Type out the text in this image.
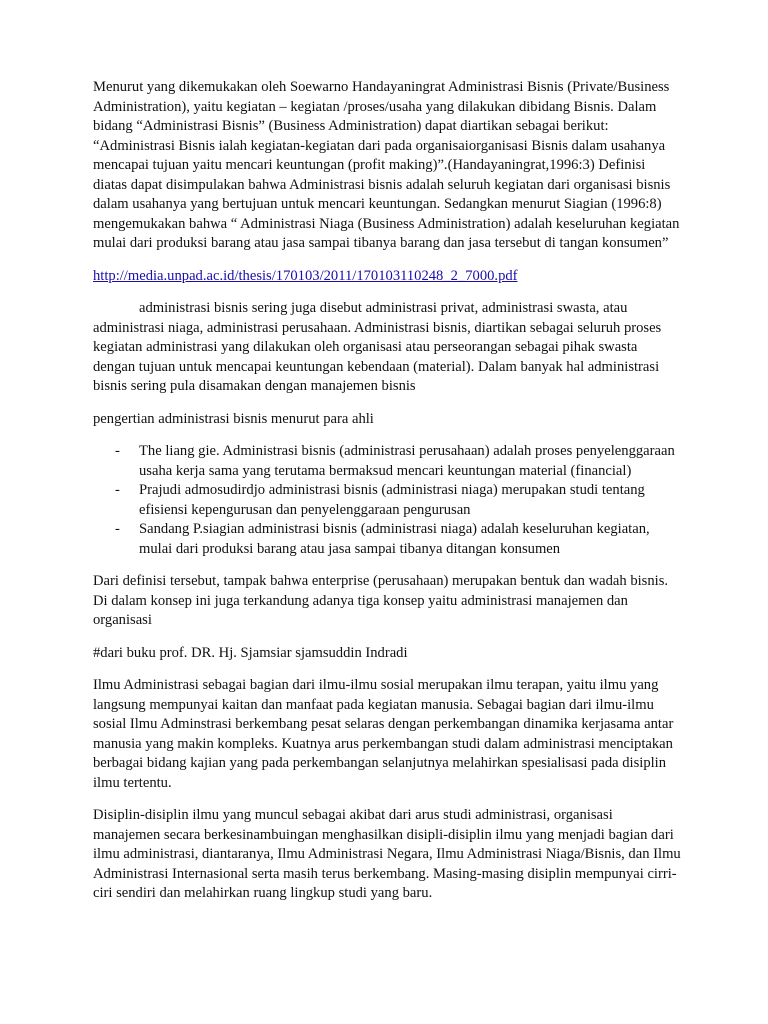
Menurut yang dikemukakan oleh Soewarno Handayaningrat Administrasi Bisnis (Private/Business Administration), yaitu kegiatan – kegiatan /proses/usaha yang dilakukan dibidang Bisnis. Dalam bidang “Administrasi Bisnis” (Business Administration) dapat diartikan sebagai berikut: “Administrasi Bisnis ialah kegiatan-kegiatan dari pada organisaiorganisasi Bisnis dalam usahanya mencapai tujuan yaitu mencari keuntungan (profit making)”.(Handayaningrat,1996:3) Definisi diatas dapat disimpulakan bahwa Administrasi bisnis adalah seluruh kegiatan dari organisasi bisnis dalam usahanya yang bertujuan untuk mencari keuntungan. Sedangkan menurut Siagian (1996:8) mengemukakan bahwa “ Administrasi Niaga (Business Administration) adalah keseluruhan kegiatan mulai dari produksi barang atau jasa sampai tibanya barang dan jasa tersebut di tangan konsumen”

http://media.unpad.ac.id/thesis/170103/2011/170103110248_2_7000.pdf

administrasi bisnis sering juga disebut administrasi privat, administrasi swasta, atau administrasi niaga, administrasi perusahaan. Administrasi bisnis, diartikan sebagai seluruh proses kegiatan administrasi yang dilakukan oleh organisasi atau perseorangan sebagai pihak swasta dengan tujuan untuk mencapai keuntungan kebendaan (material). Dalam banyak hal administrasi bisnis sering pula disamakan dengan manajemen bisnis

pengertian administrasi bisnis menurut para ahli

- The liang gie. Administrasi bisnis (administrasi perusahaan) adalah proses penyelenggaraan usaha kerja sama yang terutama bermaksud mencari keuntungan material (financial)
- Prajudi admosudirdjo administrasi bisnis (administrasi niaga) merupakan studi tentang efisiensi kepengurusan dan penyelenggaraan pengurusan
- Sandang P.siagian administrasi bisnis (administrasi niaga) adalah keseluruhan kegiatan, mulai dari produksi barang atau jasa sampai tibanya ditangan konsumen

Dari definisi tersebut, tampak bahwa enterprise (perusahaan) merupakan bentuk dan wadah bisnis. Di dalam konsep ini juga terkandung adanya tiga konsep yaitu administrasi manajemen dan organisasi

#dari buku prof. DR. Hj. Sjamsiar sjamsuddin Indradi

Ilmu Administrasi sebagai bagian dari ilmu-ilmu sosial merupakan ilmu terapan, yaitu ilmu yang langsung mempunyai kaitan dan manfaat pada kegiatan manusia. Sebagai bagian dari ilmu-ilmu sosial Ilmu Adminstrasi berkembang pesat selaras dengan perkembangan dinamika kerjasama antar manusia yang makin kompleks. Kuatnya arus perkembangan studi dalam administrasi menciptakan berbagai bidang kajian yang pada perkembangan selanjutnya melahirkan spesialisasi pada disiplin ilmu tertentu.

Disiplin-disiplin ilmu yang muncul sebagai akibat dari arus studi administrasi, organisasi manajemen secara berkesinambuingan menghasilkan disipli-disiplin ilmu yang menjadi bagian dari ilmu administrasi, diantaranya, Ilmu Administrasi Negara, Ilmu Administrasi Niaga/Bisnis, dan Ilmu Administrasi Internasional serta masih terus berkembang. Masing-masing disiplin mempunyai cirri-ciri sendiri dan melahirkan ruang lingkup studi yang baru.
